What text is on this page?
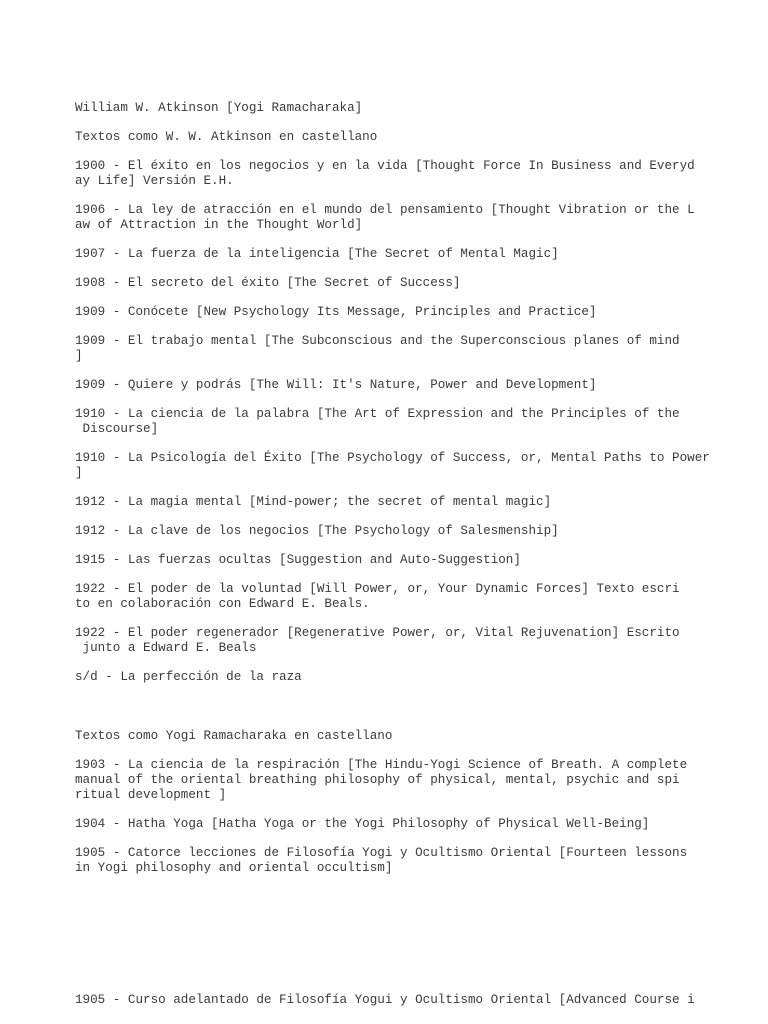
William W. Atkinson [Yogi Ramacharaka]

Textos como W. W. Atkinson en castellano

1900 - El éxito en los negocios y en la vida [Thought Force In Business and Everyd
ay Life] Versión E.H.

1906 - La ley de atracción en el mundo del pensamiento [Thought Vibration or the L
aw of Attraction in the Thought World]

1907 - La fuerza de la inteligencia [The Secret of Mental Magic]

1908 - El secreto del éxito [The Secret of Success]

1909 - Conócete [New Psychology Its Message, Principles and Practice]

1909 - El trabajo mental [The Subconscious and the Superconscious planes of mind
]

1909 - Quiere y podrás [The Will: It's Nature, Power and Development]

1910 - La ciencia de la palabra [The Art of Expression and the Principles of the
Discourse]

1910 - La Psicología del Éxito [The Psychology of Success, or, Mental Paths to Power
]

1912 - La magia mental [Mind-power; the secret of mental magic]

1912 - La clave de los negocios [The Psychology of Salesmenship]

1915 - Las fuerzas ocultas [Suggestion and Auto-Suggestion]

1922 - El poder de la voluntad [Will Power, or, Your Dynamic Forces] Texto escri
to en colaboración con Edward E. Beals.

1922 - El poder regenerador [Regenerative Power, or, Vital Rejuvenation] Escrito
junto a Edward E. Beals

s/d - La perfección de la raza

Textos como Yogi Ramacharaka en castellano

1903 - La ciencia de la respiración [The Hindu-Yogi Science of Breath. A complete
manual of the oriental breathing philosophy of physical, mental, psychic and spi
ritual development ]

1904 - Hatha Yoga [Hatha Yoga or the Yogi Philosophy of Physical Well-Being]

1905 - Catorce lecciones de Filosofía Yogi y Ocultismo Oriental [Fourteen lessons
in Yogi philosophy and oriental occultism]

1905 - Curso adelantado de Filosofía Yogui y Ocultismo Oriental [Advanced Course i
